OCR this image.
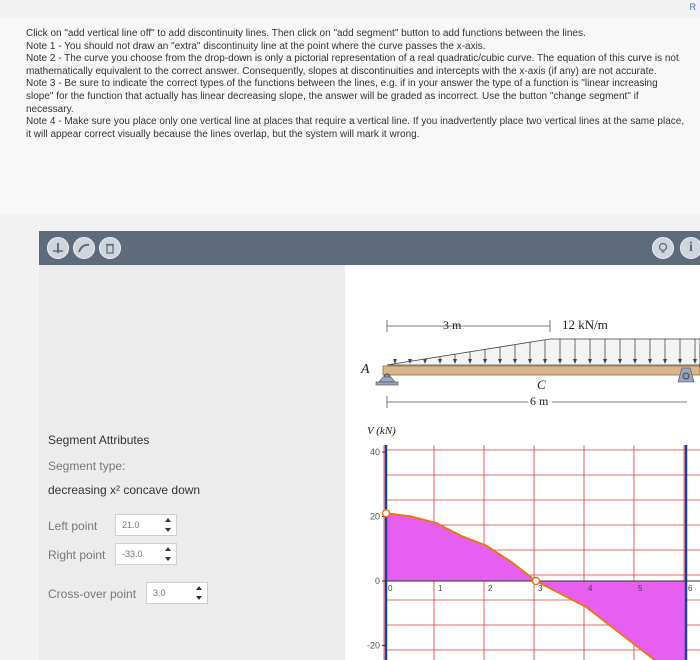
R

Click on "add vertical line off" to add discontinuity lines. Then click on "add segment" button to add functions between the lines.

Note 1 - You should not draw an "extra" discontinuity line at the point where the curve passes the x-axis.

Note 2 - The curve you choose from the drop-down is only a pictorial representation of a real quadratic/cubic curve. The equation of this curve is not mathematically equivalent to the correct answer. Consequently, slopes at discontinuities and intercepts with the x-axis (if any) are not accurate.

Note 3 - Be sure to indicate the correct types of the functions between the lines, e.g. if in your answer the type of a function is "linear increasing slope" for the function that actually has linear decreasing slope, the answer will be graded as incorrect. Use the button "change segment" if necessary.

Note 4 - Make sure you place only one vertical line at places that require a vertical line. If you inadvertently place two vertical lines at the same place, it will appear correct visually because the lines overlap, but the system will mark it wrong.

i
Segment Attributes
Segment type:
decreasing x² concave down
Left point	21.0
Right point -33.0
Cross-over point 3.0
3 m	12 kN/m
A
C
6 m
V (kN)
40
20
0
-20
0	1	2	3	4	5	6
